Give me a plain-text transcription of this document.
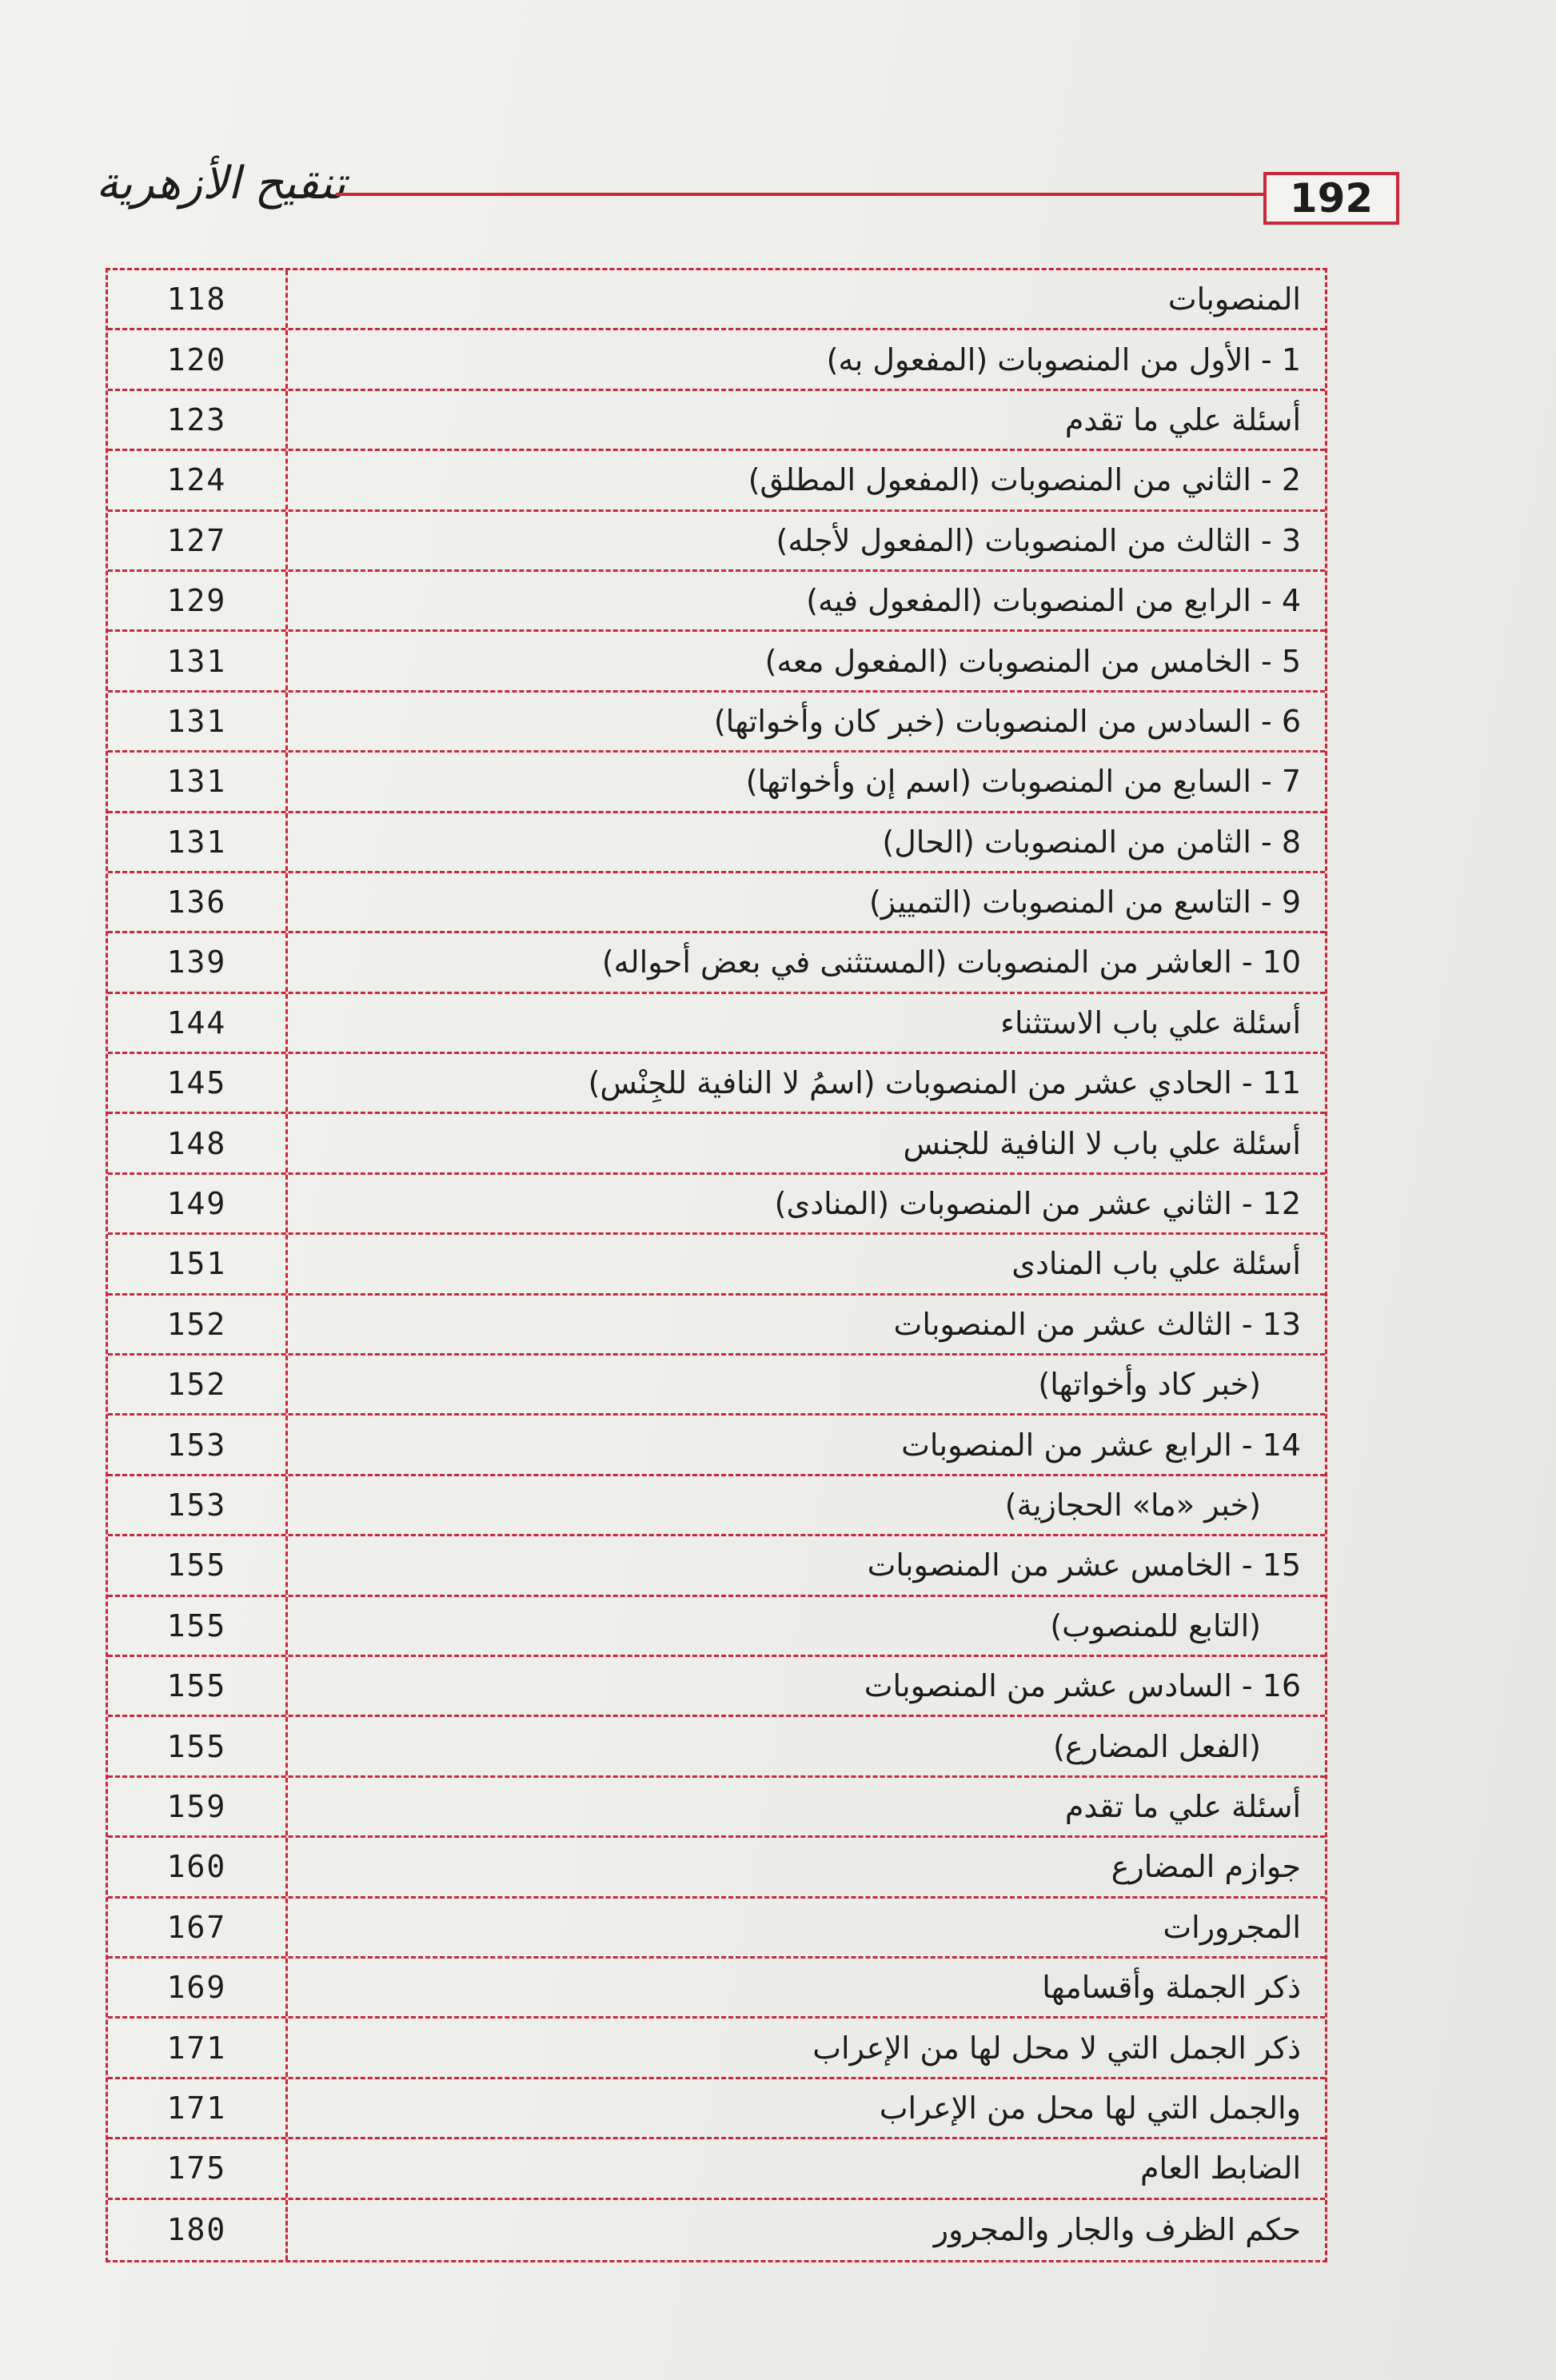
تنقيح الأزهرية	192
118	المنصوبات
120	1 - الأول من المنصوبات (المفعول به)
123	أسئلة علي ما تقدم
124	2 - الثاني من المنصوبات (المفعول المطلق)
127	3 - الثالث من المنصوبات (المفعول لأجله)
129	4 - الرابع من المنصوبات (المفعول فيه)
131	5 - الخامس من المنصوبات (المفعول معه)
131	6 - السادس من المنصوبات (خبر كان وأخواتها)
131	7 - السابع من المنصوبات (اسم إن وأخواتها)
131	8 - الثامن من المنصوبات (الحال)
136	9 - التاسع من المنصوبات (التمييز)
139	10 - العاشر من المنصوبات (المستثنى في بعض أحواله)
144	أسئلة علي باب الاستثناء
145	11 - الحادي عشر من المنصوبات (اسمُ لا النافية للجِنْس)
148	أسئلة علي باب لا النافية للجنس
149	12 - الثاني عشر من المنصوبات (المنادى)
151	أسئلة علي باب المنادى
152	13 - الثالث عشر من المنصوبات
152	(خبر كاد وأخواتها)
153	14 - الرابع عشر من المنصوبات
153	(خبر «ما» الحجازية)
155	15 - الخامس عشر من المنصوبات
155	(التابع للمنصوب)
155	16 - السادس عشر من المنصوبات
155	(الفعل المضارع)
159	أسئلة علي ما تقدم
160	جوازم المضارع
167	المجرورات
169	ذكر الجملة وأقسامها
171	ذكر الجمل التي لا محل لها من الإعراب
171	والجمل التي لها محل من الإعراب
175	الضابط العام
180	حكم الظرف والجار والمجرور
